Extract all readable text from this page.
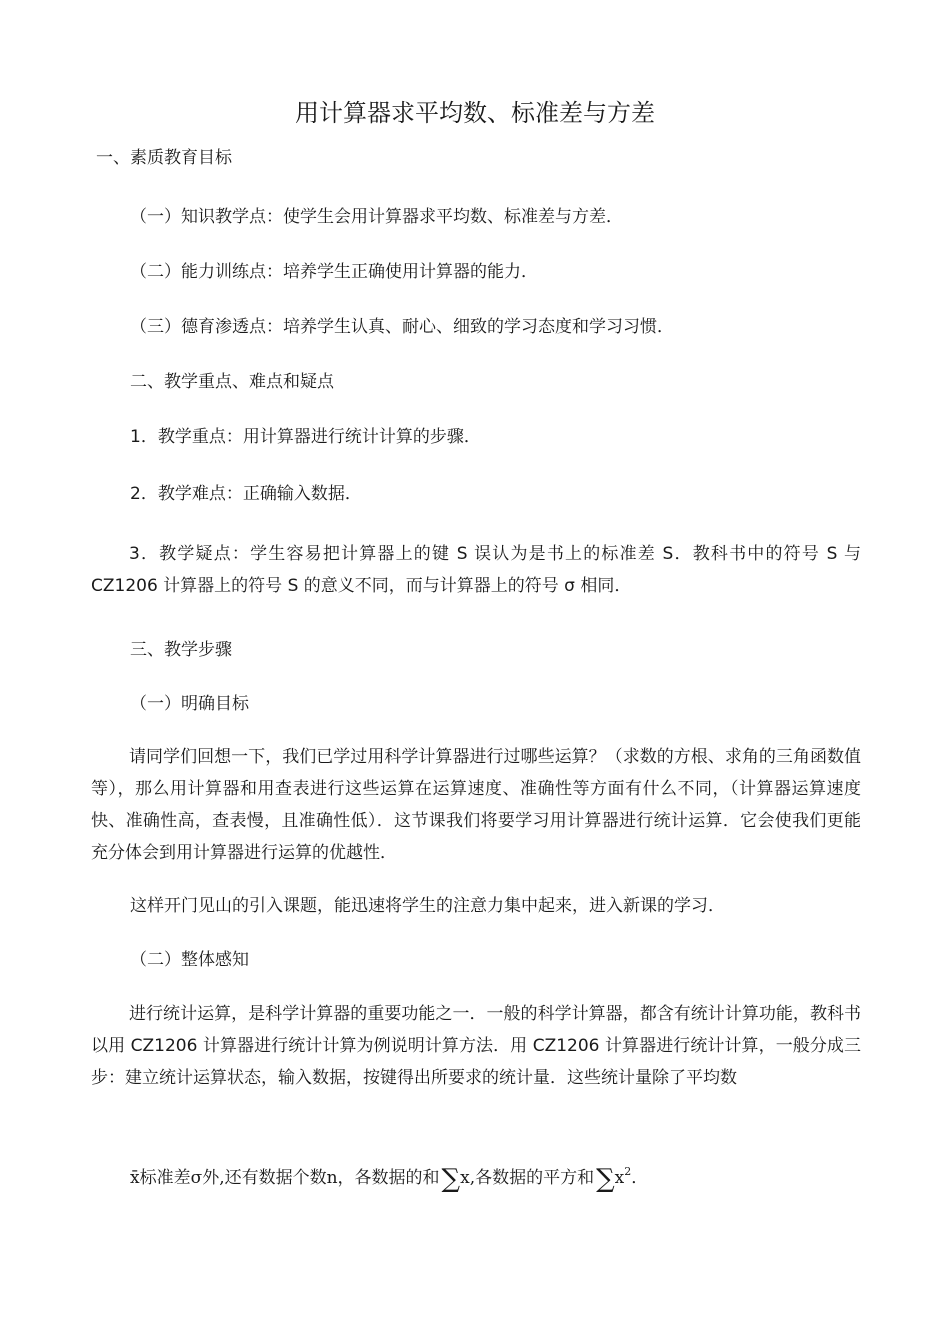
用计算器求平均数、标准差与方差
一、素质教育目标
（一）知识教学点：使学生会用计算器求平均数、标准差与方差．
（二）能力训练点：培养学生正确使用计算器的能力．
（三）德育渗透点：培养学生认真、耐心、细致的学习态度和学习习惯．
二、教学重点、难点和疑点
1．教学重点：用计算器进行统计计算的步骤．
2．教学难点：正确输入数据．
3．教学疑点：学生容易把计算器上的键 S 误认为是书上的标准差 S．教科书中的符号 S 与 CZ1206 计算器上的符号 S 的意义不同，而与计算器上的符号 σ 相同．
三、教学步骤
（一）明确目标
请同学们回想一下，我们已学过用科学计算器进行过哪些运算？（求数的方根、求角的三角函数值等），那么用计算器和用查表进行这些运算在运算速度、准确性等方面有什么不同，（计算器运算速度快、准确性高，查表慢，且准确性低）．这节课我们将要学习用计算器进行统计运算．它会使我们更能充分体会到用计算器进行运算的优越性．
这样开门见山的引入课题，能迅速将学生的注意力集中起来，进入新课的学习．
（二）整体感知
进行统计运算，是科学计算器的重要功能之一．一般的科学计算器，都含有统计计算功能，教科书以用 CZ1206 计算器进行统计计算为例说明计算方法．用 CZ1206 计算器进行统计计算，一般分成三步：建立统计运算状态，输入数据，按键得出所要求的统计量．这些统计量除了平均数
x̄标准差σ外,还有数据个数n，各数据的和∑x,各数据的平方和$\sum x^2$．
